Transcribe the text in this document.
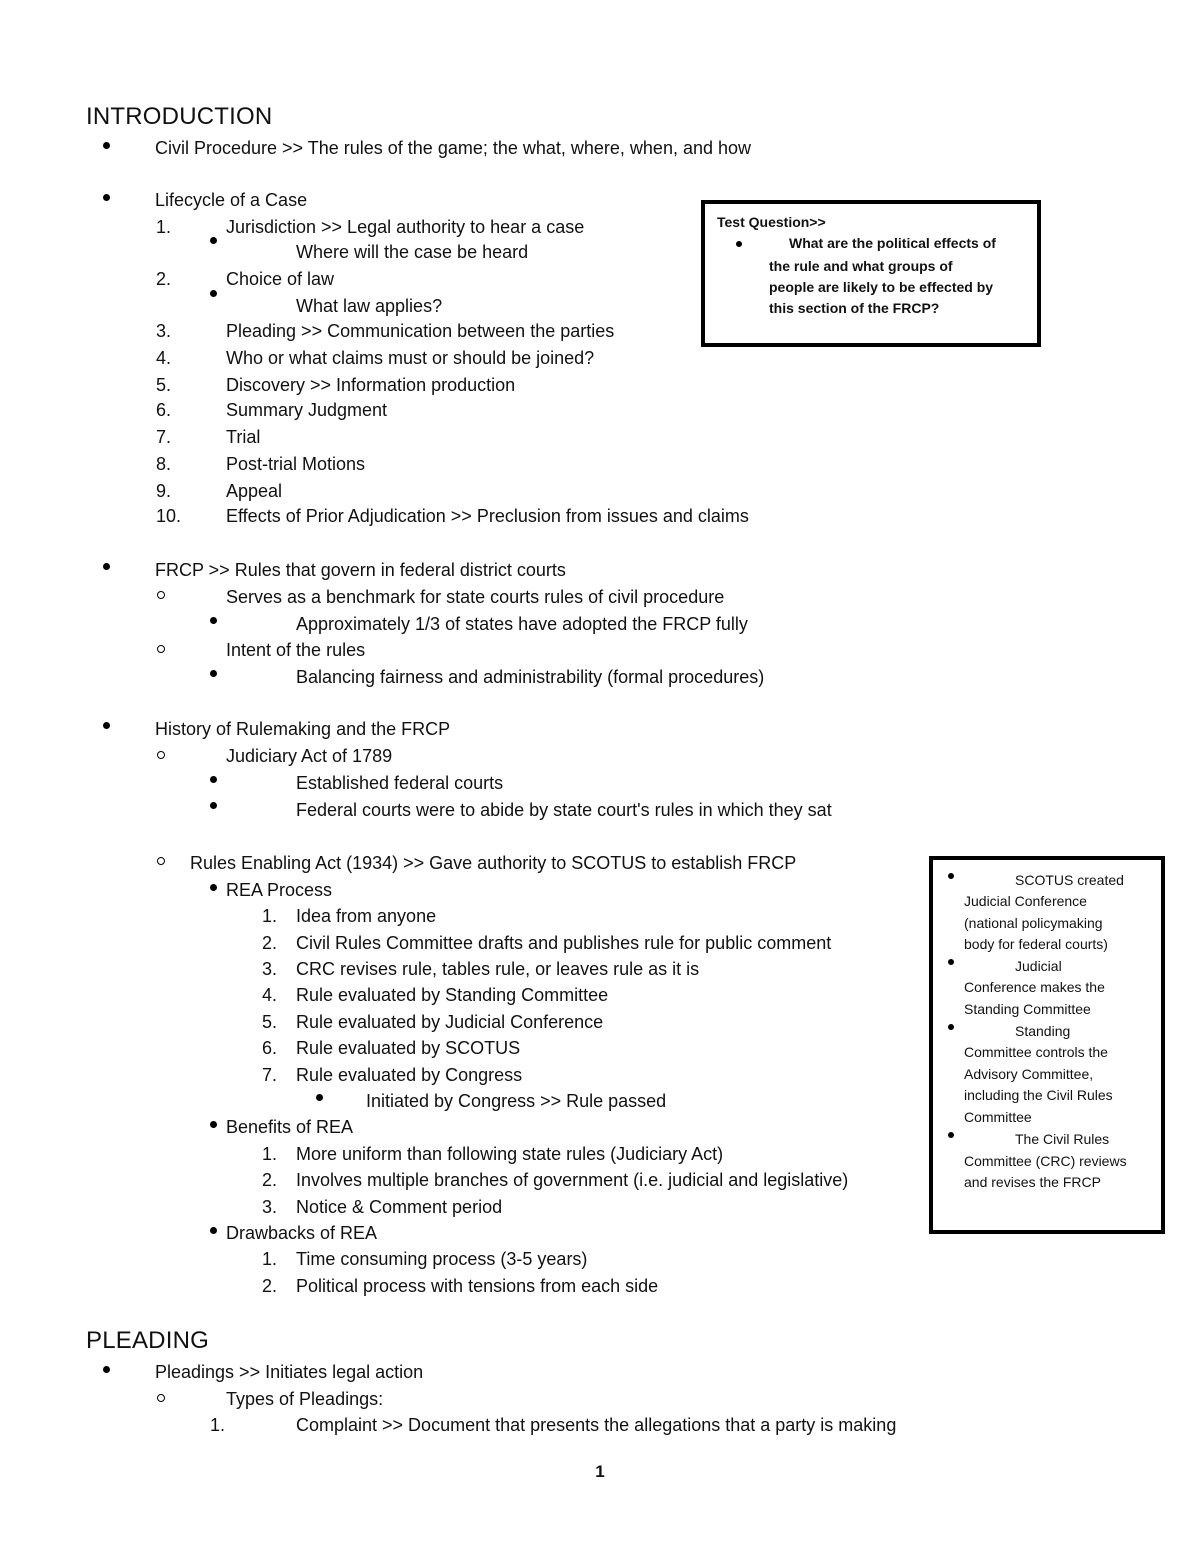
INTRODUCTION
Civil Procedure >> The rules of the game; the what, where, when, and how
Lifecycle of a Case
1.	Jurisdiction >> Legal authority to hear a case
Where will the case be heard
2.	Choice of law
What law applies?
3.	Pleading >> Communication between the parties
4.	Who or what claims must or should be joined?
5.	Discovery >> Information production
6.	Summary Judgment
7.	Trial
8.	Post-trial Motions
9.	Appeal
10. Effects of Prior Adjudication >> Preclusion from issues and claims
FRCP >> Rules that govern in federal district courts
Serves as a benchmark for state courts rules of civil procedure
Approximately 1/3 of states have adopted the FRCP fully
Intent of the rules
Balancing fairness and administrability (formal procedures)
History of Rulemaking and the FRCP
Judiciary Act of 1789
Established federal courts
Federal courts were to abide by state court's rules in which they sat
Rules Enabling Act (1934) >> Gave authority to SCOTUS to establish FRCP
REA Process
1. Idea from anyone
2. Civil Rules Committee drafts and publishes rule for public comment
3. CRC revises rule, tables rule, or leaves rule as it is
4. Rule evaluated by Standing Committee
5. Rule evaluated by Judicial Conference
6. Rule evaluated by SCOTUS
7. Rule evaluated by Congress
Initiated by Congress >> Rule passed
Benefits of REA
1. More uniform than following state rules (Judiciary Act)
2. Involves multiple branches of government (i.e. judicial and legislative)
3. Notice & Comment period
Drawbacks of REA
1. Time consuming process (3-5 years)
2. Political process with tensions from each side
PLEADING
Pleadings >> Initiates legal action
Types of Pleadings:
1.	Complaint >> Document that presents the allegations that a party is making
Test Question>>
What are the political effects of
the rule and what groups of
people are likely to be effected by
this section of the FRCP?
SCOTUS created
Judicial Conference
(national policymaking
body for federal courts)
Judicial
Conference makes the
Standing Committee
Standing
Committee controls the
Advisory Committee,
including the Civil Rules
Committee
The Civil Rules
Committee (CRC) reviews
and revises the FRCP
1
